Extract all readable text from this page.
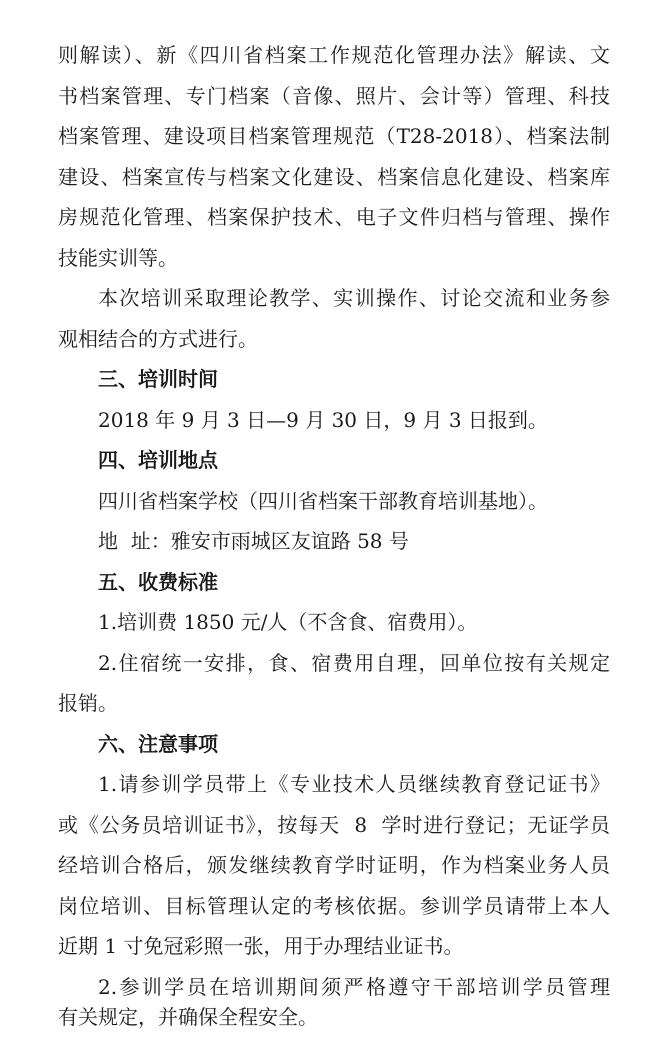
则解读）、新《四川省档案工作规范化管理办法》解读、文

书档案管理、专门档案（音像、照片、会计等）管理、科技

档案管理、建设项目档案管理规范（T28-2018）、档案法制

建设、档案宣传与档案文化建设、档案信息化建设、档案库

房规范化管理、档案保护技术、电子文件归档与管理、操作

技能实训等。

本次培训采取理论教学、实训操作、讨论交流和业务参

观相结合的方式进行。

三、培训时间

2018 年 9 月 3 日—9 月 30 日，9 月 3 日报到。

四、培训地点

四川省档案学校（四川省档案干部教育培训基地）。

地  址：雅安市雨城区友谊路 58 号

五、收费标准

1.培训费 1850 元/人（不含食、宿费用）。

2.住宿统一安排，食、宿费用自理，回单位按有关规定

报销。

六、注意事项

1.请参训学员带上《专业技术人员继续教育登记证书》

或《公务员培训证书》，按每天  8  学时进行登记；无证学员

经培训合格后，颁发继续教育学时证明，作为档案业务人员

岗位培训、目标管理认定的考核依据。参训学员请带上本人

近期 1 寸免冠彩照一张，用于办理结业证书。

2.参训学员在培训期间须严格遵守干部培训学员管理

有关规定，并确保全程安全。
